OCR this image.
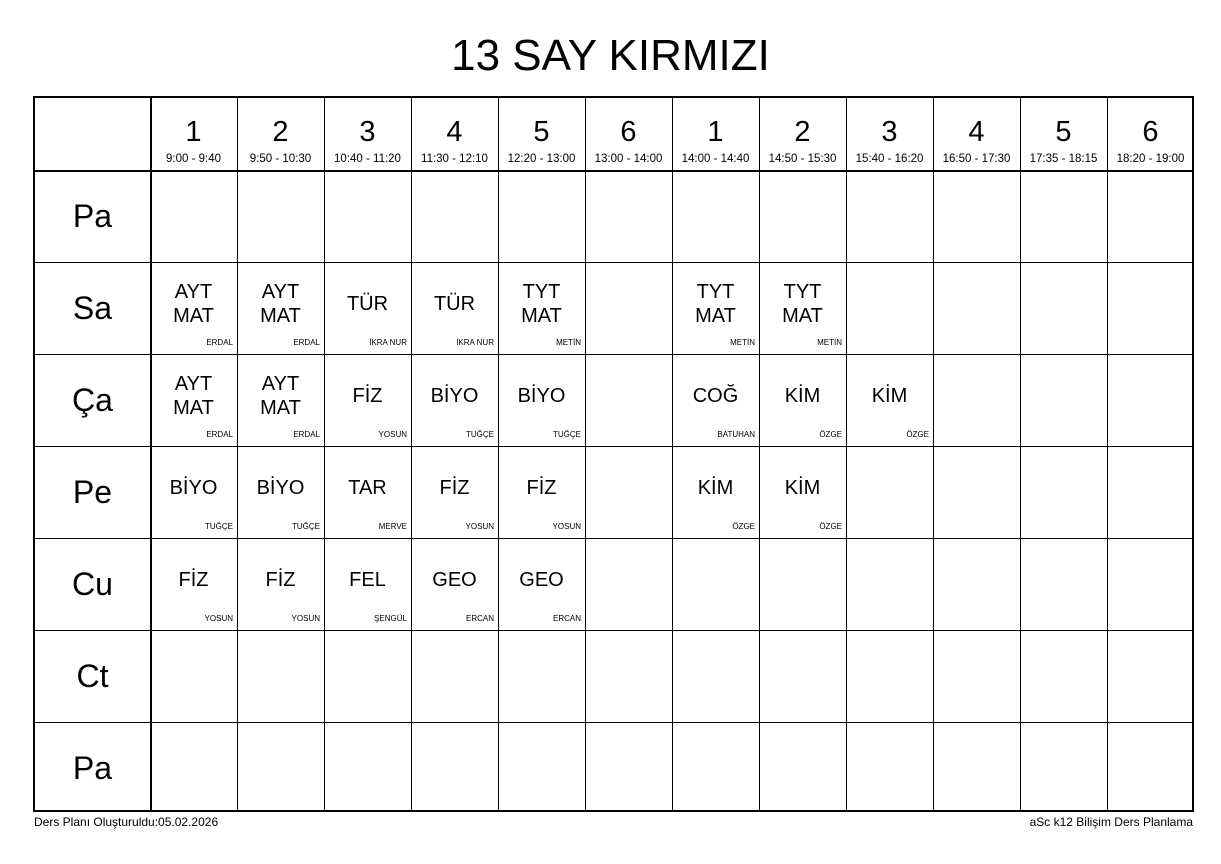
13 SAY KIRMIZI
1
9:00 - 9:40
2
9:50 - 10:30
3
10:40 - 11:20
4
11:30 - 12:10
5
12:20 - 13:00
6
13:00 - 14:00
1
14:00 - 14:40
2
14:50 - 15:30
3
15:40 - 16:20
4
16:50 - 17:30
5
17:35 - 18:15
6
18:20 - 19:00
Pa
Sa
Ça
Pe
Cu
Ct
Pa
AYT
MAT
ERDAL
AYT
MAT
ERDAL
TÜR
İKRA NUR
TÜR
İKRA NUR
TYT
MAT
METİN
TYT
MAT
METİN
TYT
MAT
METİN
AYT
MAT
ERDAL
AYT
MAT
ERDAL
FİZ
YOSUN
BİYO
TUĞÇE
BİYO
TUĞÇE
COĞ
BATUHAN
KİM
ÖZGE
KİM
ÖZGE
BİYO
TUĞÇE
BİYO
TUĞÇE
TAR
MERVE
FİZ
YOSUN
FİZ
YOSUN
KİM
ÖZGE
KİM
ÖZGE
FİZ
YOSUN
FİZ
YOSUN
FEL
ŞENGÜL
GEO
ERCAN
GEO
ERCAN
Ders Planı Oluşturuldu:05.02.2026	aSc k12 Bilişim Ders Planlama
